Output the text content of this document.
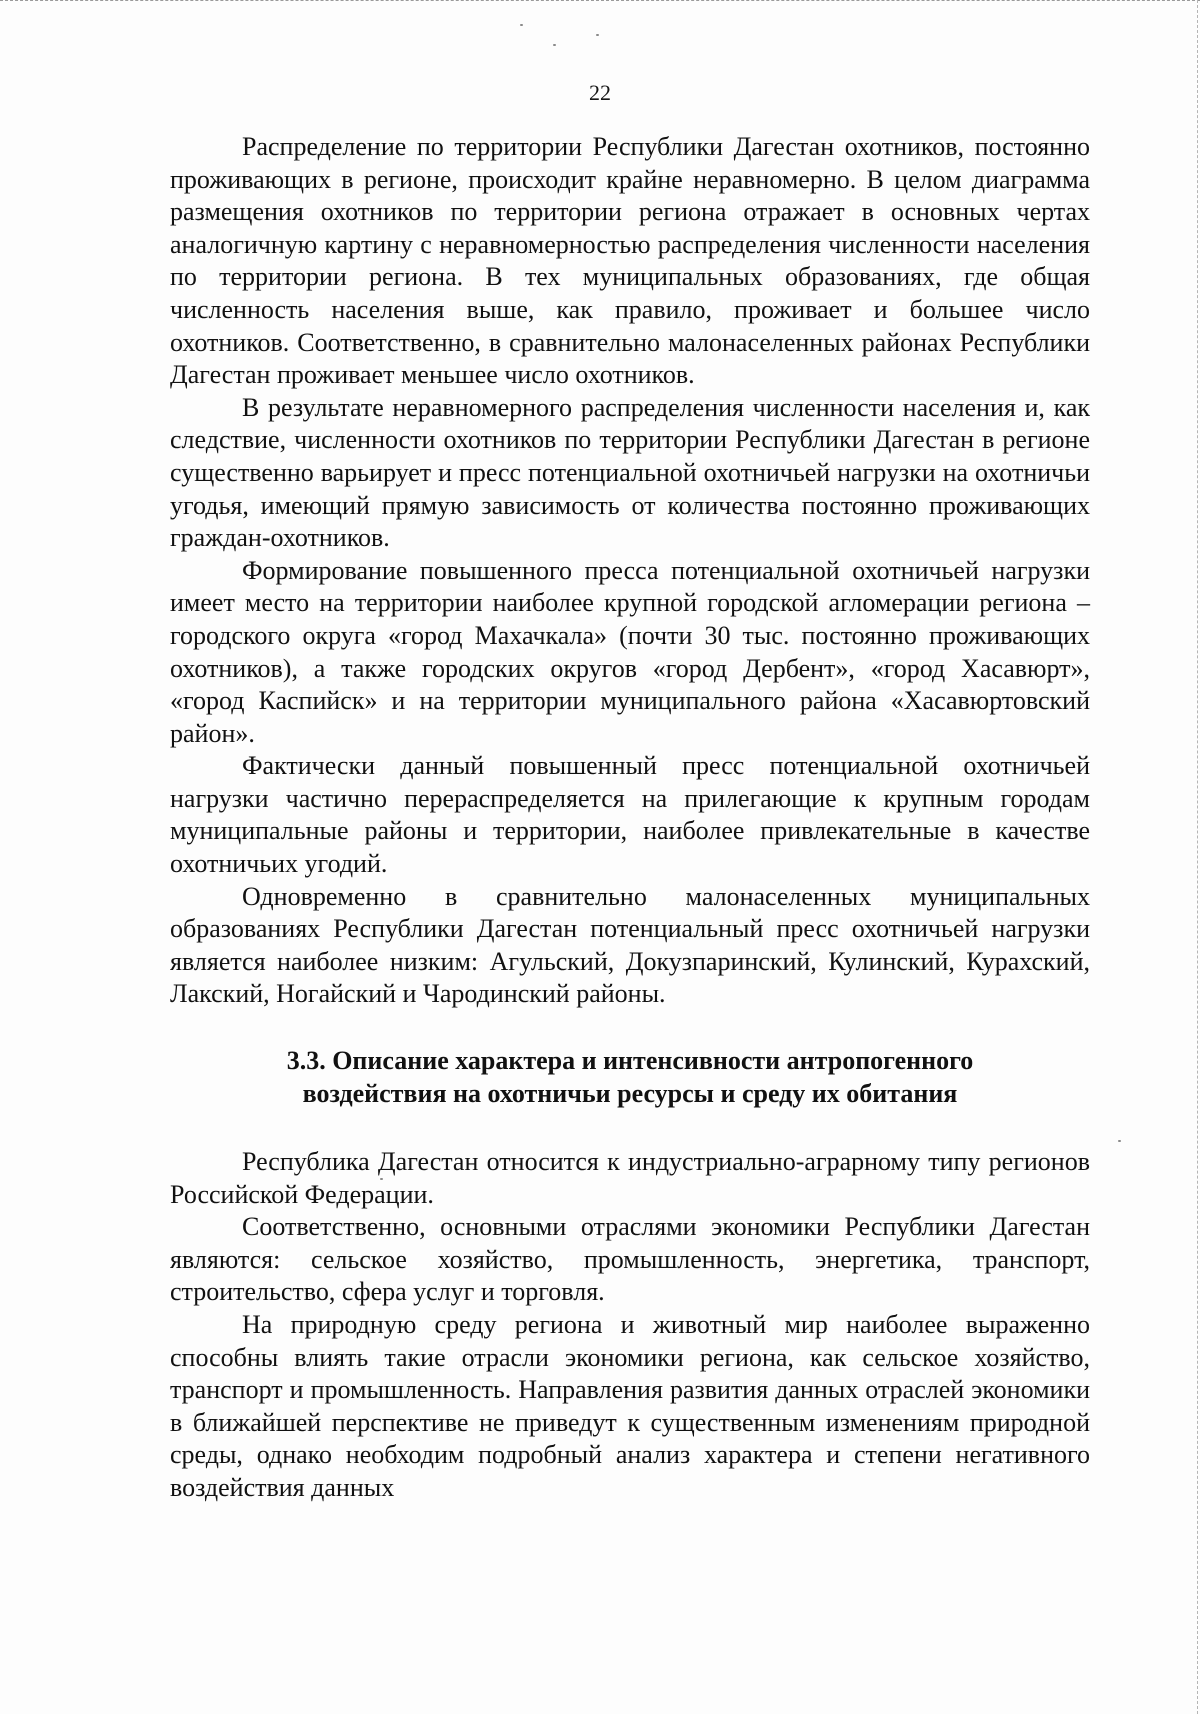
22

Распределение по территории Республики Дагестан охотников, постоянно проживающих в регионе, происходит крайне неравномерно. В целом диаграмма размещения охотников по территории региона отражает в основных чертах аналогичную картину с неравномерностью распределения численности населения по территории региона. В тех муниципальных образованиях, где общая численность населения выше, как правило, проживает и большее число охотников. Соответственно, в сравнительно малонаселенных районах Республики Дагестан проживает меньшее число охотников.

В результате неравномерного распределения численности населения и, как следствие, численности охотников по территории Республики Дагестан в регионе существенно варьирует и пресс потенциальной охотничьей нагрузки на охотничьи угодья, имеющий прямую зависимость от количества постоянно проживающих граждан-охотников.

Формирование повышенного пресса потенциальной охотничьей нагрузки имеет место на территории наиболее крупной городской агломерации региона – городского округа «город Махачкала» (почти 30 тыс. постоянно проживающих охотников), а также городских округов «город Дербент», «город Хасавюрт», «город Каспийск» и на территории муниципального района «Хасавюртовский район».

Фактически данный повышенный пресс потенциальной охотничьей нагрузки частично перераспределяется на прилегающие к крупным городам муниципальные районы и территории, наиболее привлекательные в качестве охотничьих угодий.

Одновременно в сравнительно малонаселенных муниципальных образованиях Республики Дагестан потенциальный пресс охотничьей нагрузки является наиболее низким: Агульский, Докузпаринский, Кулинский, Курахский, Лакский, Ногайский и Чародинский районы.

3.3. Описание характера и интенсивности антропогенного
воздействия на охотничьи ресурсы и среду их обитания

Республика Дагестан относится к индустриально-аграрному типу регионов Российской Федерации.

Соответственно, основными отраслями экономики Республики Дагестан являются: сельское хозяйство, промышленность, энергетика, транспорт, строительство, сфера услуг и торговля.

На природную среду региона и животный мир наиболее выраженно способны влиять такие отрасли экономики региона, как сельское хозяйство, транспорт и промышленность. Направления развития данных отраслей экономики в ближайшей перспективе не приведут к существенным изменениям природной среды, однако необходим подробный анализ характера и степени негативного воздействия данных
